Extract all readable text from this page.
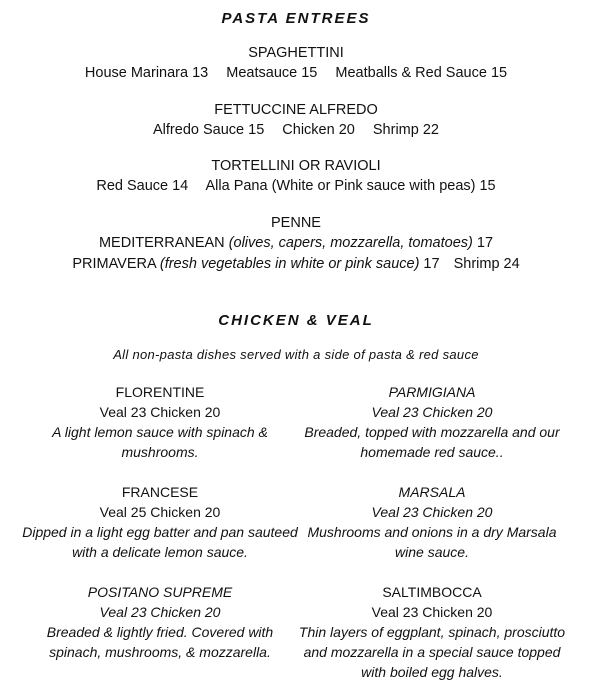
PASTA ENTREES
SPAGHETTINI
House Marinara 13 Meatsauce 15 Meatballs & Red Sauce 15
FETTUCCINE ALFREDO
Alfredo Sauce 15 Chicken 20 Shrimp 22
TORTELLINI OR RAVIOLI
Red Sauce 14 Alla Pana (White or Pink sauce with peas) 15
PENNE
MEDITERRANEAN (olives, capers, mozzarella, tomatoes) 17
PRIMAVERA (fresh vegetables in white or pink sauce) 17 Shrimp 24
CHICKEN & VEAL
All non-pasta dishes served with a side of pasta & red sauce
FLORENTINE
Veal 23 Chicken 20
A light lemon sauce with spinach & mushrooms.
PARMIGIANA
Veal 23 Chicken 20
Breaded, topped with mozzarella and our homemade red sauce..
FRANCESE
Veal 25 Chicken 20
Dipped in a light egg batter and pan sauteed with a delicate lemon sauce.
MARSALA
Veal 23 Chicken 20
Mushrooms and onions in a dry Marsala wine sauce.
POSITANO SUPREME
Veal 23 Chicken 20
Breaded & lightly fried. Covered with spinach, mushrooms, & mozzarella.
SALTIMBOCCA
Veal 23 Chicken 20
Thin layers of eggplant, spinach, prosciutto and mozzarella in a special sauce topped with boiled egg halves.
